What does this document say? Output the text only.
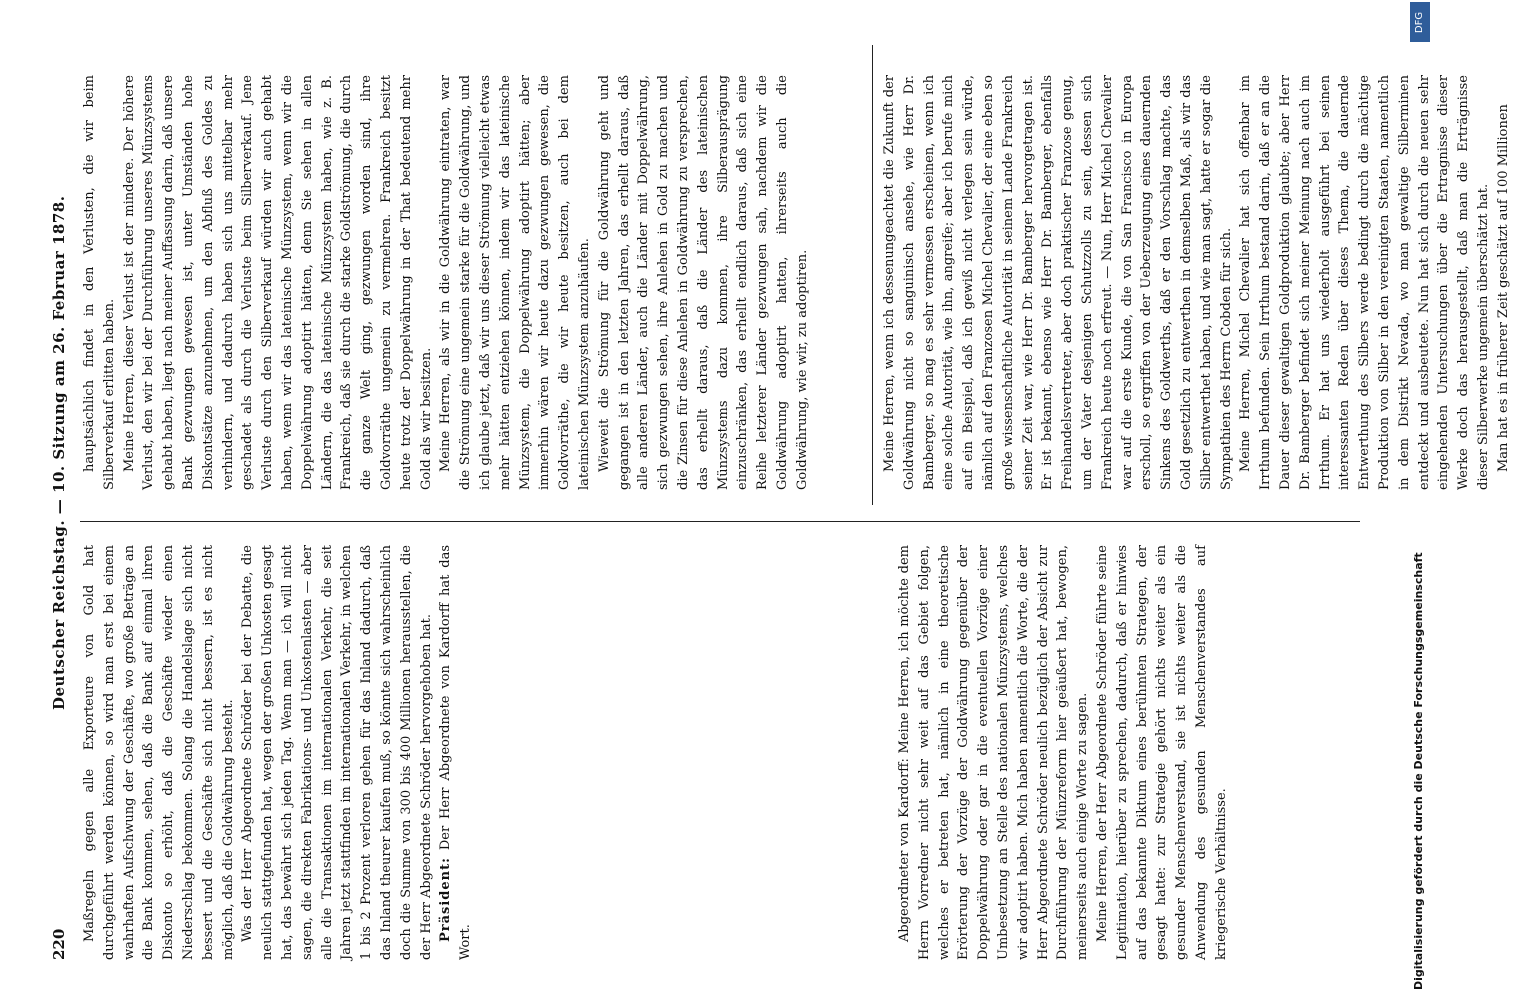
220
Deutscher Reichstag. — 10. Sitzung am 26. Februar 1878.

Maßregeln gegen alle Exporteure von Gold hat durchgeführt werden können, so wird man erst bei einem wahrhaften Aufschwung der Geschäfte, wo große Beträge an die Bank kommen, sehen, daß die Bank auf einmal ihren Diskonto so erhöht, daß die Geschäfte wieder einen Niederschlag bekommen. Solang die Handelslage sich nicht bessert und die Geschäfte sich nicht bessern, ist es nicht möglich, daß die Goldwährung besteht. Was der Herr Abgeordnete Schröder bei der Debatte, die neulich stattgefunden hat, wegen der großen Unkosten gesagt hat, das bewährt sich jeden Tag. Wenn man — ich will nicht sagen, die direkten Fabrikations- und Unkostenlasten — aber alle die Transaktionen im internationalen Verkehr, die seit Jahren jetzt stattfinden im internationalen Verkehr, in welchen 1 bis 2 Prozent verloren gehen für das Inland dadurch, daß das Inland theurer kaufen muß, so könnte sich wahrscheinlich doch die Summe von 300 bis 400 Millionen herausstellen, die der Herr Abgeordnete Schröder hervorgehoben hat. Präsident: Der Herr Abgeordnete von Kardorff hat das Wort.

Abgeordneter von Kardorff: Meine Herren, ich möchte dem Herrn Vorredner nicht sehr weit auf das Gebiet folgen, welches er betreten hat, nämlich in eine theoretische Erörterung der Vorzüge der Goldwährung gegenüber der Doppelwährung oder gar in die eventuellen Vorzüge einer Umbesetzung an Stelle des nationalen Münzsystems, welches wir adoptirt haben. Mich haben namentlich die Worte, die der Herr Abgeordnete Schröder neulich bezüglich der Absicht zur Durchführung der Münzreform hier geäußert hat, bewogen, meinerseits auch einige Worte zu sagen. Meine Herren, der Herr Abgeordnete Schröder führte seine Legitimation, hierüber zu sprechen, dadurch, daß er hinwies auf das bekannte Diktum eines berühmten Strategen, der gesagt hatte: zur Strategie gehört nichts weiter als ein gesunder Menschenverstand, sie ist nichts weiter als die Anwendung des gesunden Menschenverstandes auf kriegerische Verhältnisse.

hauptsächlich findet in den Verlusten, die wir beim Silberverkauf erlitten haben. Meine Herren, dieser Verlust ist der mindere. Der höhere Verlust, den wir bei der Durchführung unseres Münzsystems gehabt haben, liegt nach meiner Auffassung darin, daß unsere Bank gezwungen gewesen ist, unter Umständen hohe Diskontsätze anzunehmen, um den Abfluß des Goldes zu verhindern, und dadurch haben sich uns mittelbar mehr geschadet als durch die Verluste beim Silberverkauf. Jene Verluste durch den Silberverkauf würden wir auch gehabt haben, wenn wir das lateinische Münzsystem, wenn wir die Doppelwährung adoptirt hätten, denn Sie sehen in allen Ländern, die das lateinische Münzsystem haben, wie z. B. Frankreich, daß sie durch die starke Goldströmung, die durch die ganze Welt ging, gezwungen worden sind, ihre Goldvorräthe ungemein zu vermehren. Frankreich besitzt heute trotz der Doppelwährung in der That bedeutend mehr Gold als wir besitzen. Meine Herren, als wir in die Goldwährung eintraten, war die Strömung eine ungemein starke für die Goldwährung, und ich glaube jetzt, daß wir uns dieser Strömung vielleicht etwas mehr hätten entziehen können, indem wir das lateinische Münzsystem, die Doppelwährung adoptirt hätten; aber immerhin wären wir heute dazu gezwungen gewesen, die Goldvorräthe, die wir heute besitzen, auch bei dem lateinischen Münzsystem anzuhäufen. Wieweit die Strömung für die Goldwährung geht und gegangen ist in den letzten Jahren, das erhellt daraus, daß alle anderen Länder, auch die Länder mit Doppelwährung, sich gezwungen sehen, ihre Anlehen in Gold zu machen und die Zinsen für diese Anlehen in Goldwährung zu versprechen, das erhellt daraus, daß die Länder des lateinischen Münzsystems dazu kommen, ihre Silberausprägung einzuschränken, das erhellt endlich daraus, daß sich eine Reihe letzterer Länder gezwungen sah, nachdem wir die Goldwährung adoptirt hatten, ihrerseits auch die Goldwährung, wie wir, zu adoptiren.	Meine Herren, wenn ich dessenungeachtet die Zukunft der Goldwährung nicht so sanguinisch ansehe, wie Herr Dr. Bamberger, so mag es sehr vermessen erscheinen, wenn ich eine solche Autorität, wie ihn, angreife; aber ich berufe mich auf ein Beispiel, daß ich gewiß nicht verlegen sein würde, nämlich auf den Franzosen Michel Chevalier, der eine eben so große wissenschaftliche Autorität in seinem Lande Frankreich seiner Zeit war, wie Herr Dr. Bamberger hervorgetragen ist. Er ist bekannt, ebenso wie Herr Dr. Bamberger, ebenfalls Freihandelsvertreter, aber doch praktischer Franzose genug, um der Vater desjenigen Schutzzolls zu sein, dessen sich Frankreich heute noch erfreut. — Nun, Herr Michel Chevalier war auf die erste Kunde, die von San Francisco in Europa erscholl, so ergriffen von der Ueberzeugung eines dauernden Sinkens des Goldwerths, daß er den Vorschlag machte, das Gold gesetzlich zu entwerthen in demselben Maß, als wir das Silber entwerthet haben, und wie man sagt, hatte er sogar die Sympathien des Herrn Cobden für sich. Meine Herren, Michel Chevalier hat sich offenbar im Irrthum befunden. Sein Irrthum bestand darin, daß er an die Dauer dieser gewaltigen Goldproduktion glaubte; aber Herr Dr. Bamberger befindet sich meiner Meinung nach auch im Irrthum. Er hat uns wiederholt ausgeführt bei seinen interessanten Reden über dieses Thema, die dauernde Entwerthung des Silbers werde bedingt durch die mächtige Produktion von Silber in den vereinigten Staaten, namentlich in dem Distrikt Nevada, wo man gewaltige Silberminen entdeckt und ausbeutete. Nun hat sich durch die neuen sehr eingehenden Untersuchungen über die Ertragnisse dieser Werke doch das herausgestellt, daß man die Erträgnisse dieser Silberwerke ungemein überschätzt hat. Man hat es in früherer Zeit geschätzt auf 100 Millionen

DFG
Digitalisierung gefördert durch die Deutsche Forschungsgemeinschaft
